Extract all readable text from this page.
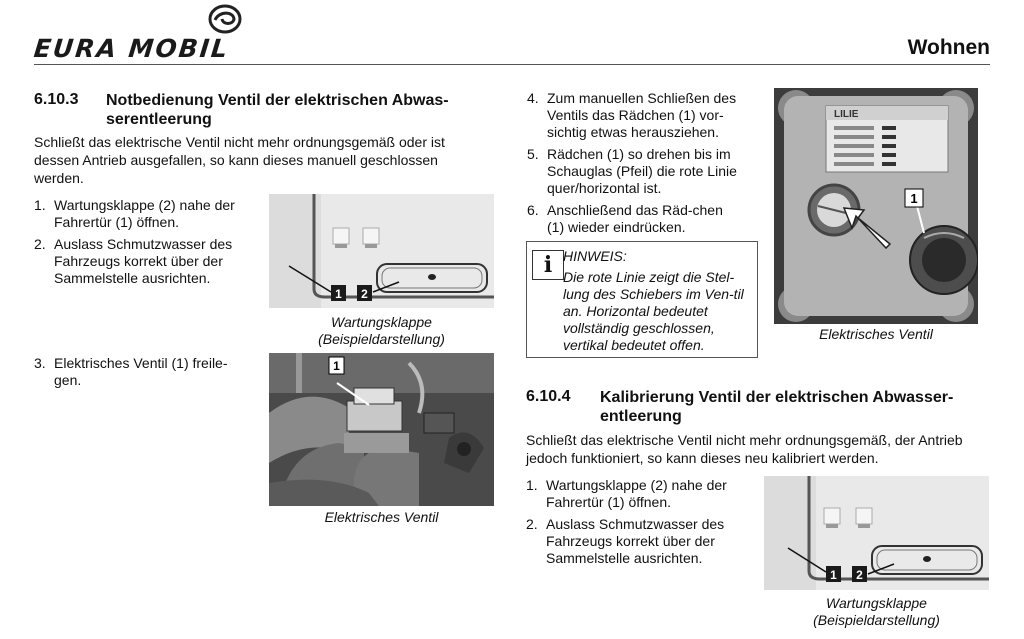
EURA MOBIL	Wohnen
6.10.3 Notbedienung Ventil der elektrischen Abwas-
serentleerung
Schließt das elektrische Ventil nicht mehr ordnungsgemäß oder ist dessen Antrieb ausgefallen, so kann dieses manuell geschlossen werden.
1. Wartungsklappe (2) nahe der Fahrertür (1) öffnen.
2. Auslass Schmutzwasser des Fahrzeugs korrekt über der Sammelstelle ausrichten.
3. Elektrisches Ventil (1) freile-gen.
1 2
Wartungsklappe
(Beispieldarstellung)
1
Elektrisches Ventil
4. Zum manuellen Schließen des Ventils das Rädchen (1) vor-sichtig etwas herausziehen.
5. Rädchen (1) so drehen bis im Schauglas (Pfeil) die rote Linie quer/horizontal ist.
6. Anschließend das Räd-chen (1) wieder eindrücken.
i HINWEIS:
Die rote Linie zeigt die Stel-lung des Schiebers im Ven-til an. Horizontal bedeutet vollständig geschlossen, vertikal bedeutet offen.
LILIE
1
Elektrisches Ventil
6.10.4 Kalibrierung Ventil der elektrischen Abwasser-
entleerung
Schließt das elektrische Ventil nicht mehr ordnungsgemäß, der Antrieb jedoch funktioniert, so kann dieses neu kalibriert werden.
1. Wartungsklappe (2) nahe der Fahrertür (1) öffnen.
2. Auslass Schmutzwasser des Fahrzeugs korrekt über der Sammelstelle ausrichten.
1 2
Wartungsklappe
(Beispieldarstellung)
